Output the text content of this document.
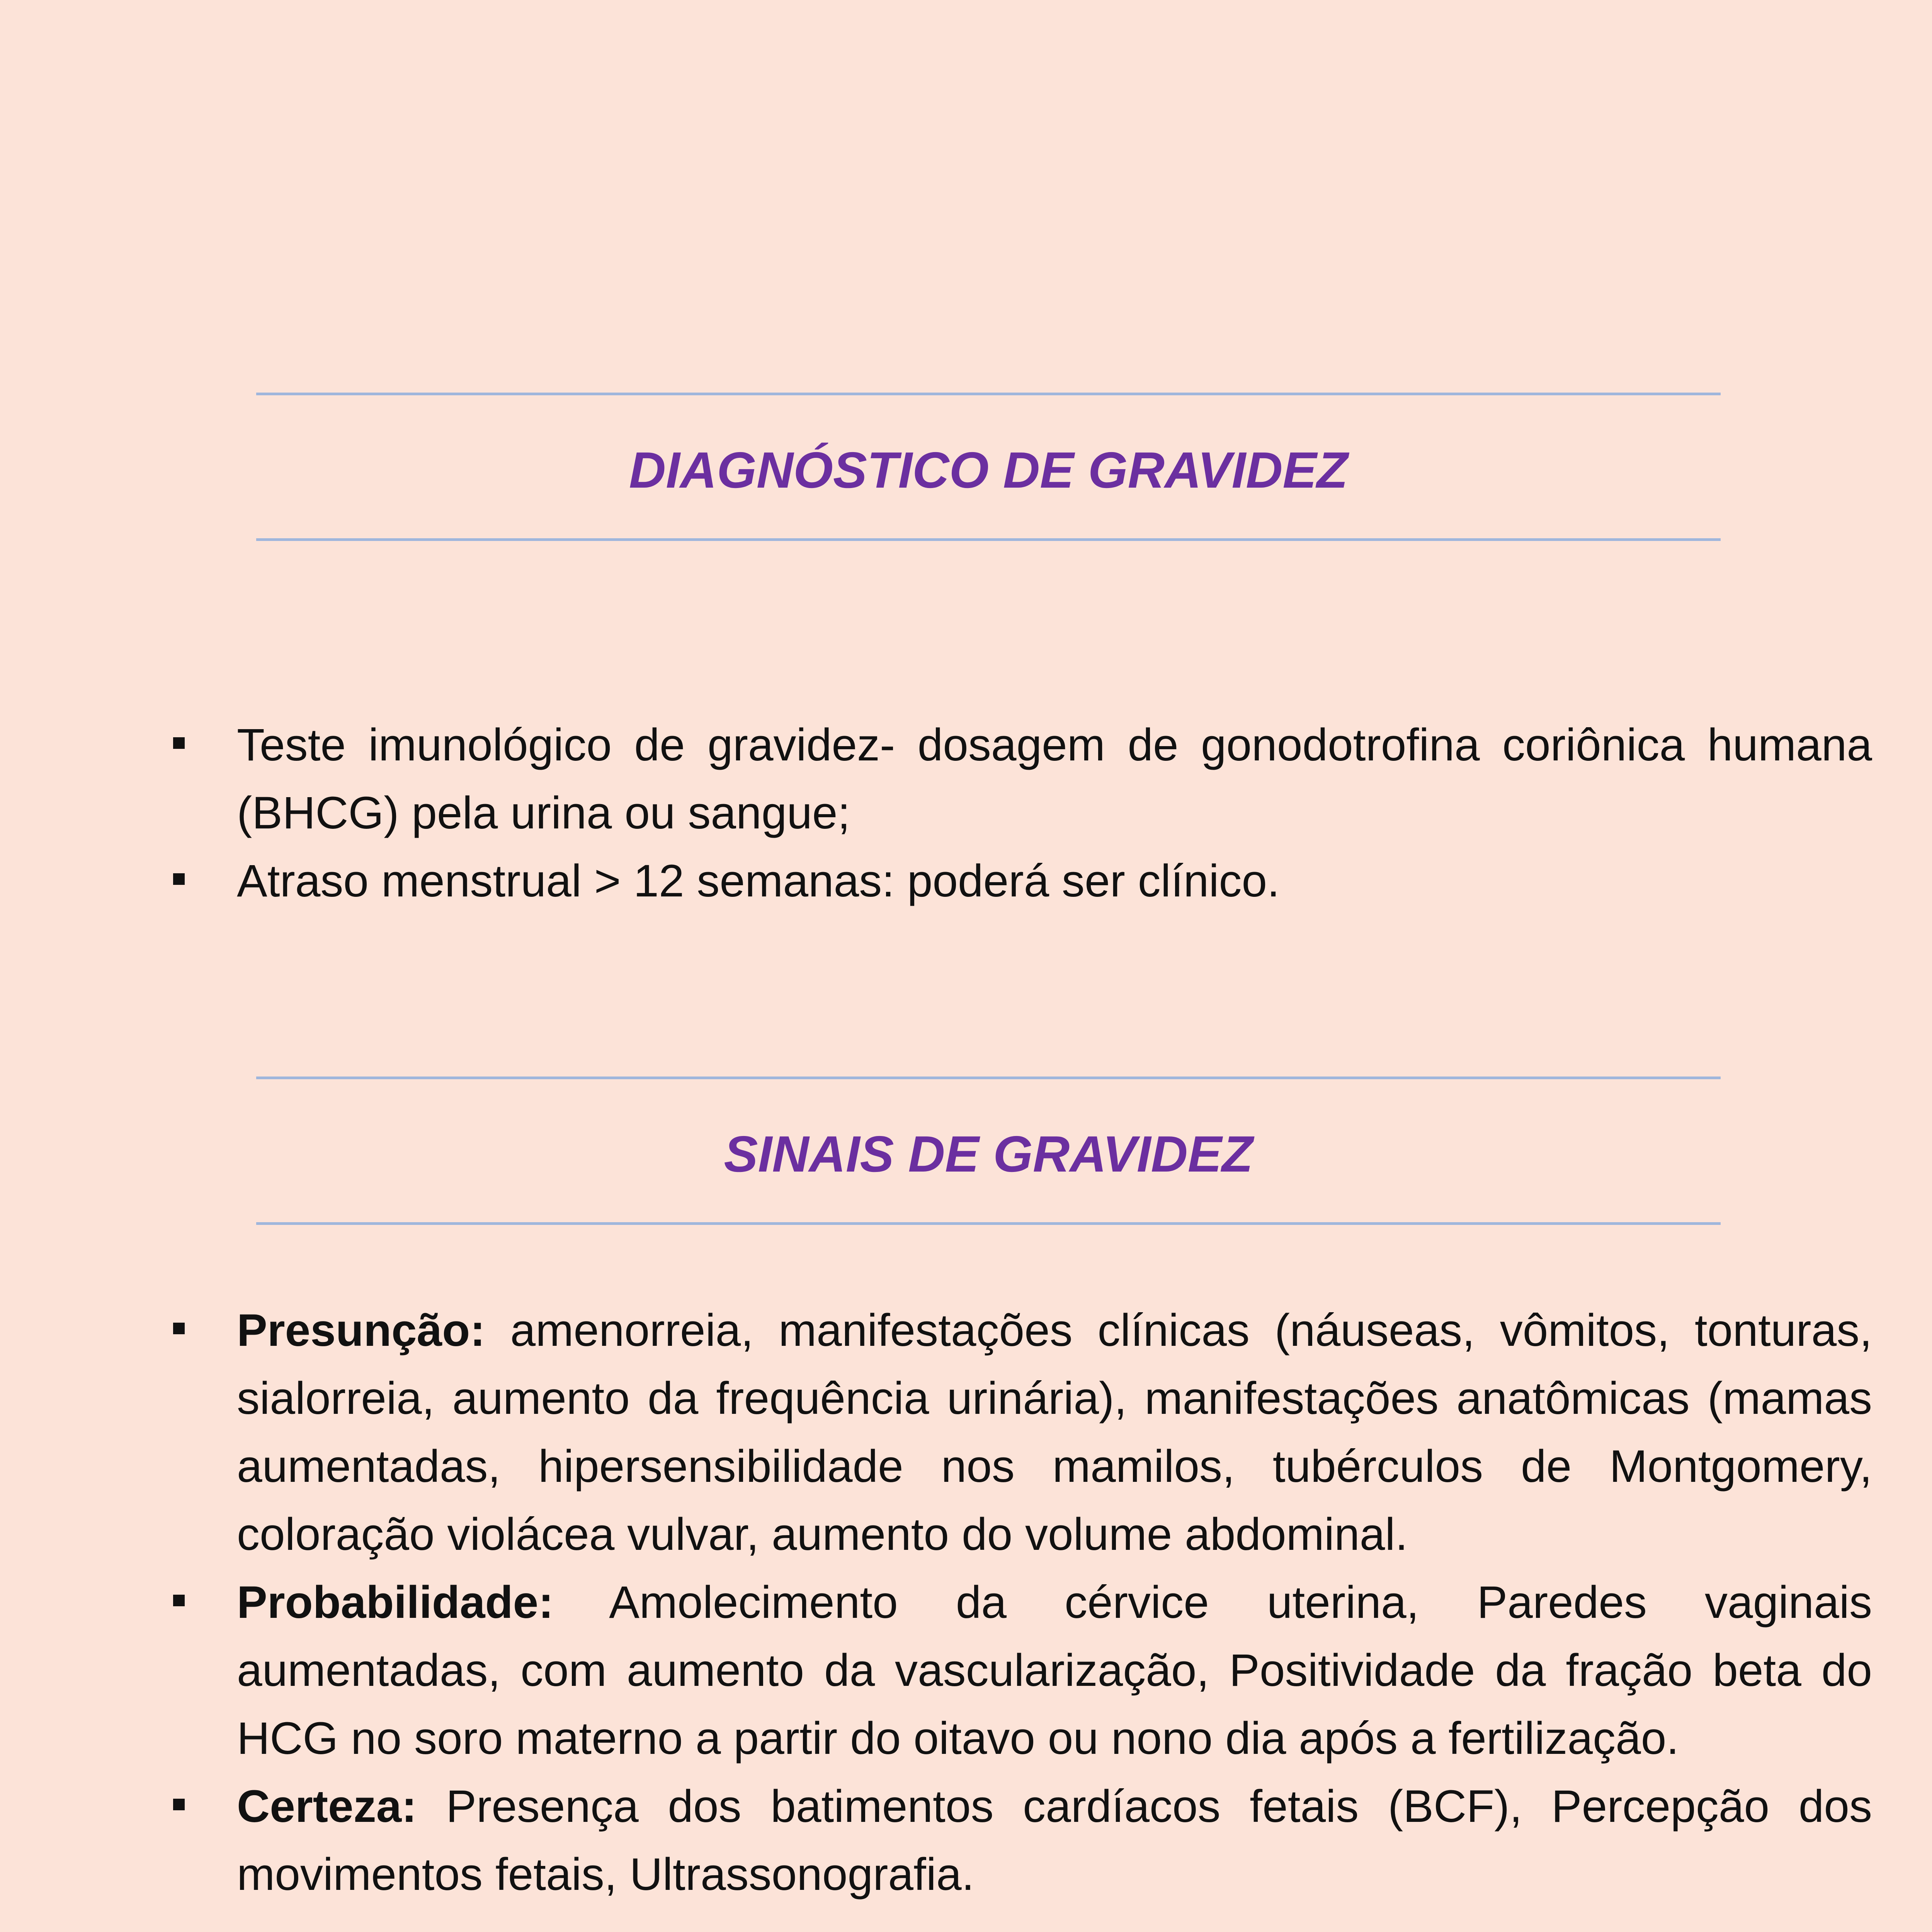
DIAGNÓSTICO DE GRAVIDEZ
Teste imunológico de gravidez- dosagem de gonodotrofina coriônica humana (BHCG) pela urina ou sangue;
Atraso menstrual > 12 semanas: poderá ser clínico.
SINAIS DE GRAVIDEZ
Presunção: amenorreia, manifestações clínicas (náuseas, vômitos, tonturas, sialorreia, aumento da frequência urinária), manifestações anatômicas (mamas aumentadas, hipersensibilidade nos mamilos, tubérculos de Montgomery, coloração violácea vulvar, aumento do volume abdominal.
Probabilidade: Amolecimento da cérvice uterina, Paredes vaginais aumentadas, com aumento da vascularização, Positividade da fração beta do HCG no soro materno a partir do oitavo ou nono dia após a fertilização.
Certeza: Presença dos batimentos cardíacos fetais (BCF), Percepção dos movimentos fetais, Ultrassonografia.
